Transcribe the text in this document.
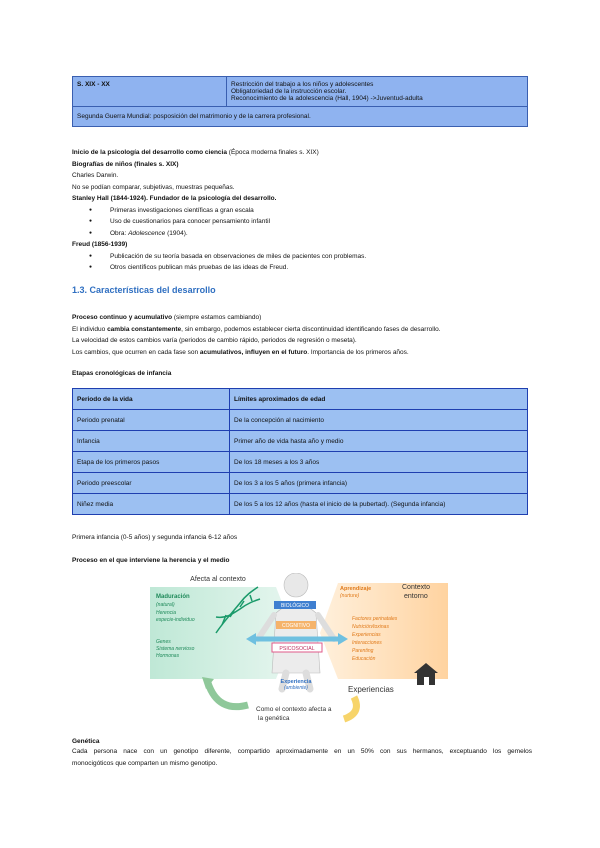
S. XIX - XX	Restricción del trabajo a los niños y adolescentes
Obligatoriedad de la instrucción escolar.
Reconocimiento de la adolescencia (Hall, 1904) ->Juventud-adulta

Segunda Guerra Mundial: posposición del matrimonio y de la carrera profesional.
Inicio de la psicología del desarrollo como ciencia (Época moderna finales s. XIX)
Biografías de niños (finales s. XIX)
Charles Darwin.
No se podían comparar, subjetivas, muestras pequeñas.
Stanley Hall (1844-1924). Fundador de la psicología del desarrollo.
● Primeras investigaciones científicas a gran escala
● Uso de cuestionarios para conocer pensamiento infantil
● Obra: Adolescence (1904).
Freud (1856-1939)
● Publicación de su teoría basada en observaciones de miles de pacientes con problemas.
● Otros científicos publican más pruebas de las ideas de Freud.
1.3. Características del desarrollo
Proceso continuo y acumulativo (siempre estamos cambiando)
El individuo cambia constantemente, sin embargo, podemos establecer cierta discontinuidad identificando fases de desarrollo.
La velocidad de estos cambios varía (periodos de cambio rápido, periodos de regresión o meseta).
Los cambios, que ocurren en cada fase son acumulativos, influyen en el futuro. Importancia de los primeros años.
Etapas cronológicas de infancia
Periodo de la vida	Límites aproximados de edad
Periodo prenatal	De la concepción al nacimiento
Infancia	Primer año de vida hasta año y medio
Etapa de los primeros pasos	De los 18 meses a los 3 años
Periodo preescolar	De los 3 a los 5 años (primera infancia)
Niñez media	De los 5 a los 12 años (hasta el inicio de la pubertad). (Segunda infancia)
Primera infancia (0-5 años) y segunda infancia 6-12 años
Proceso en el que interviene la herencia y el medio
BIOLÓGICO
COGNITIVO
PSICOSOCIAL
Experiencia
(ambiente)
Afecta al contexto
Maduración
(natural)
Herencia
especie-individuo
Genes
Sistema nervioso
Hormonas
Aprendizaje
(nurture)
Contexto
entorno
Factores perinatales
Nutrición/toxinas
Experiencias
Interacciones
Parenting
Educación
Experiencias
Como el contexto afecta a
la genética
Genética
Cada persona nace con un genotipo diferente, compartido aproximadamente en un 50% con sus hermanos, exceptuando los gemelos
monocigóticos que comparten un mismo genotipo.
